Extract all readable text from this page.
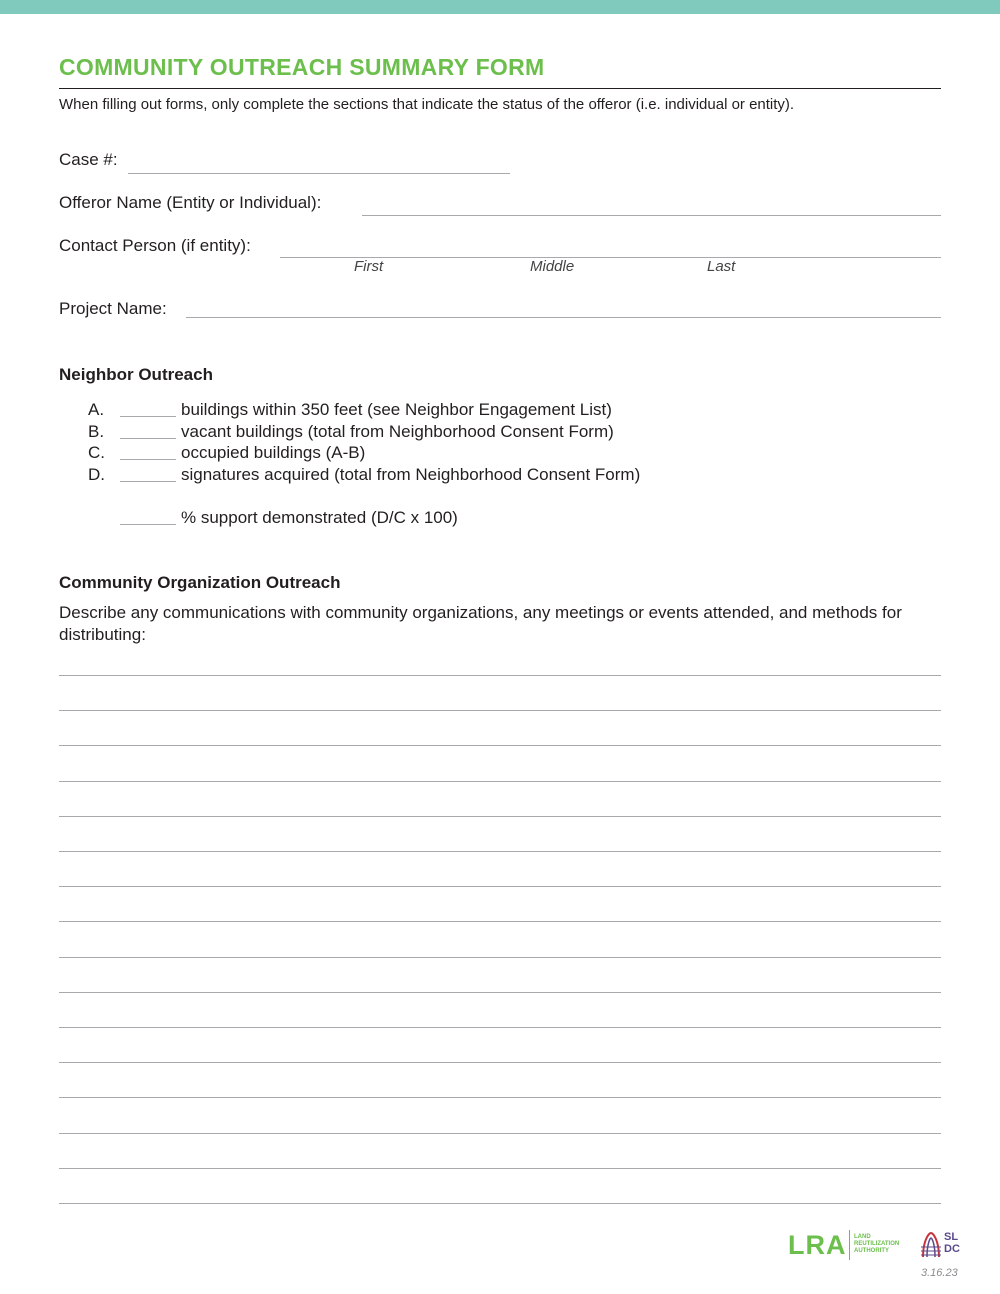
COMMUNITY OUTREACH SUMMARY FORM
When filling out forms, only complete the sections that indicate the status of the offeror (i.e. individual or entity).
Case #:
Offeror Name (Entity or Individual):
Contact Person (if entity):
First	Middle	Last
Project Name:
Neighbor Outreach
A.	buildings within 350 feet (see Neighbor Engagement List)
B.	vacant buildings (total from Neighborhood Consent Form)
C.	occupied buildings (A-B)
D.	signatures acquired (total from Neighborhood Consent Form)
% support demonstrated (D/C x 100)
Community Organization Outreach
Describe any communications with community organizations, any meetings or events attended, and methods for distributing:
LRA LAND REUTILIZATION AUTHORITY
SL
DC
3.16.23
